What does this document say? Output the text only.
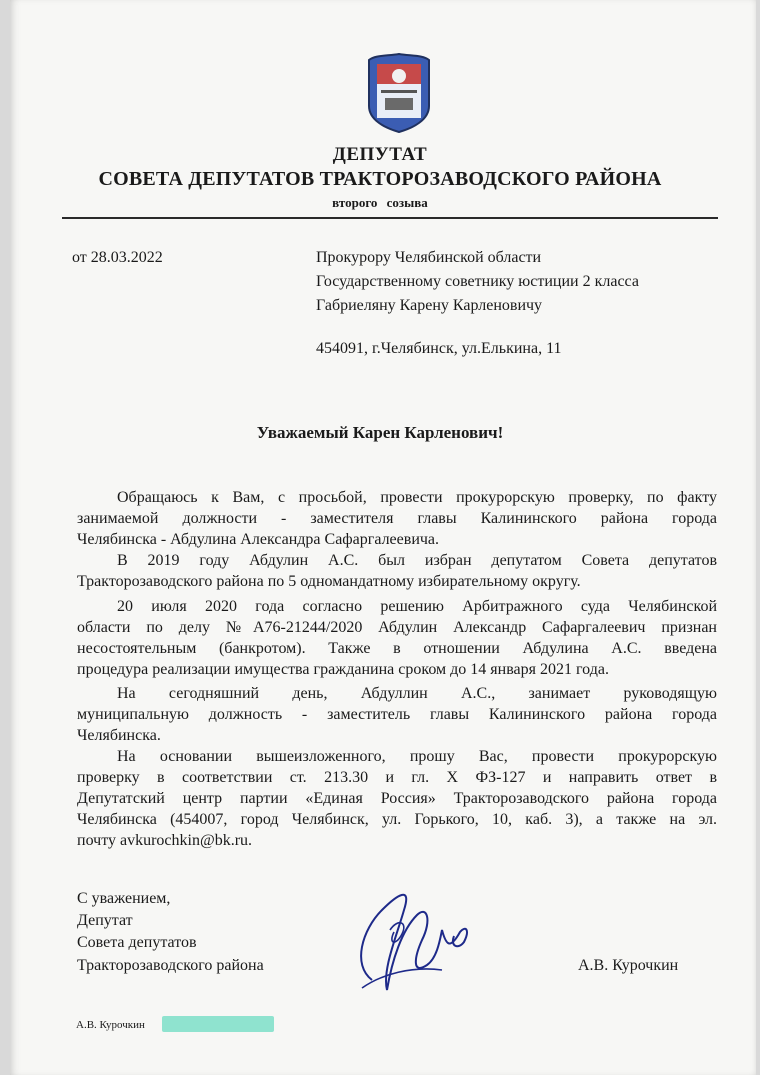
ДЕПУТАТ
СОВЕТА ДЕПУТАТОВ ТРАКТОРОЗАВОДСКОГО РАЙОНА
второго созыва
от 28.03.2022	Прокурору Челябинской области
Государственному советнику юстиции 2 класса
Габриеляну Карену Карленовичу
454091, г.Челябинск, ул.Елькина, 11
Уважаемый Карен Карленович!

Обращаюсь к Вам, с просьбой, провести прокурорскую проверку, по факту
занимаемой должности - заместителя главы Калининского района города
Челябинска - Абдулина Александра Сафаргалеевича.

В 2019 году Абдулин А.С. был избран депутатом Совета депутатов
Тракторозаводского района по 5 одномандатному избирательному округу.

20 июля 2020 года согласно решению Арбитражного суда Челябинской
области по делу №А76-21244/2020 Абдулин Александр Сафаргалеевич признан
несостоятельным (банкротом). Также в отношении Абдулина А.С. введена
процедура реализации имущества гражданина сроком до 14 января 2021 года.

На сегодняшний день, Абдуллин А.С., занимает руководящую
муниципальную должность - заместитель главы Калининского района города
Челябинска.

На основании вышеизложенного, прошу Вас, провести прокурорскую
проверку в соответствии ст. 213.30 и гл. Х ФЗ-127 и направить ответ в
Депутатский центр партии «Единая Россия» Тракторозаводского района города
Челябинска (454007, город Челябинск, ул. Горького, 10, каб. 3), а также на эл.
почту avkurochkin@bk.ru.

С уважением,
Депутат
Совета депутатов
Тракторозаводского района	А.В. Курочкин
А.В. Курочкин
